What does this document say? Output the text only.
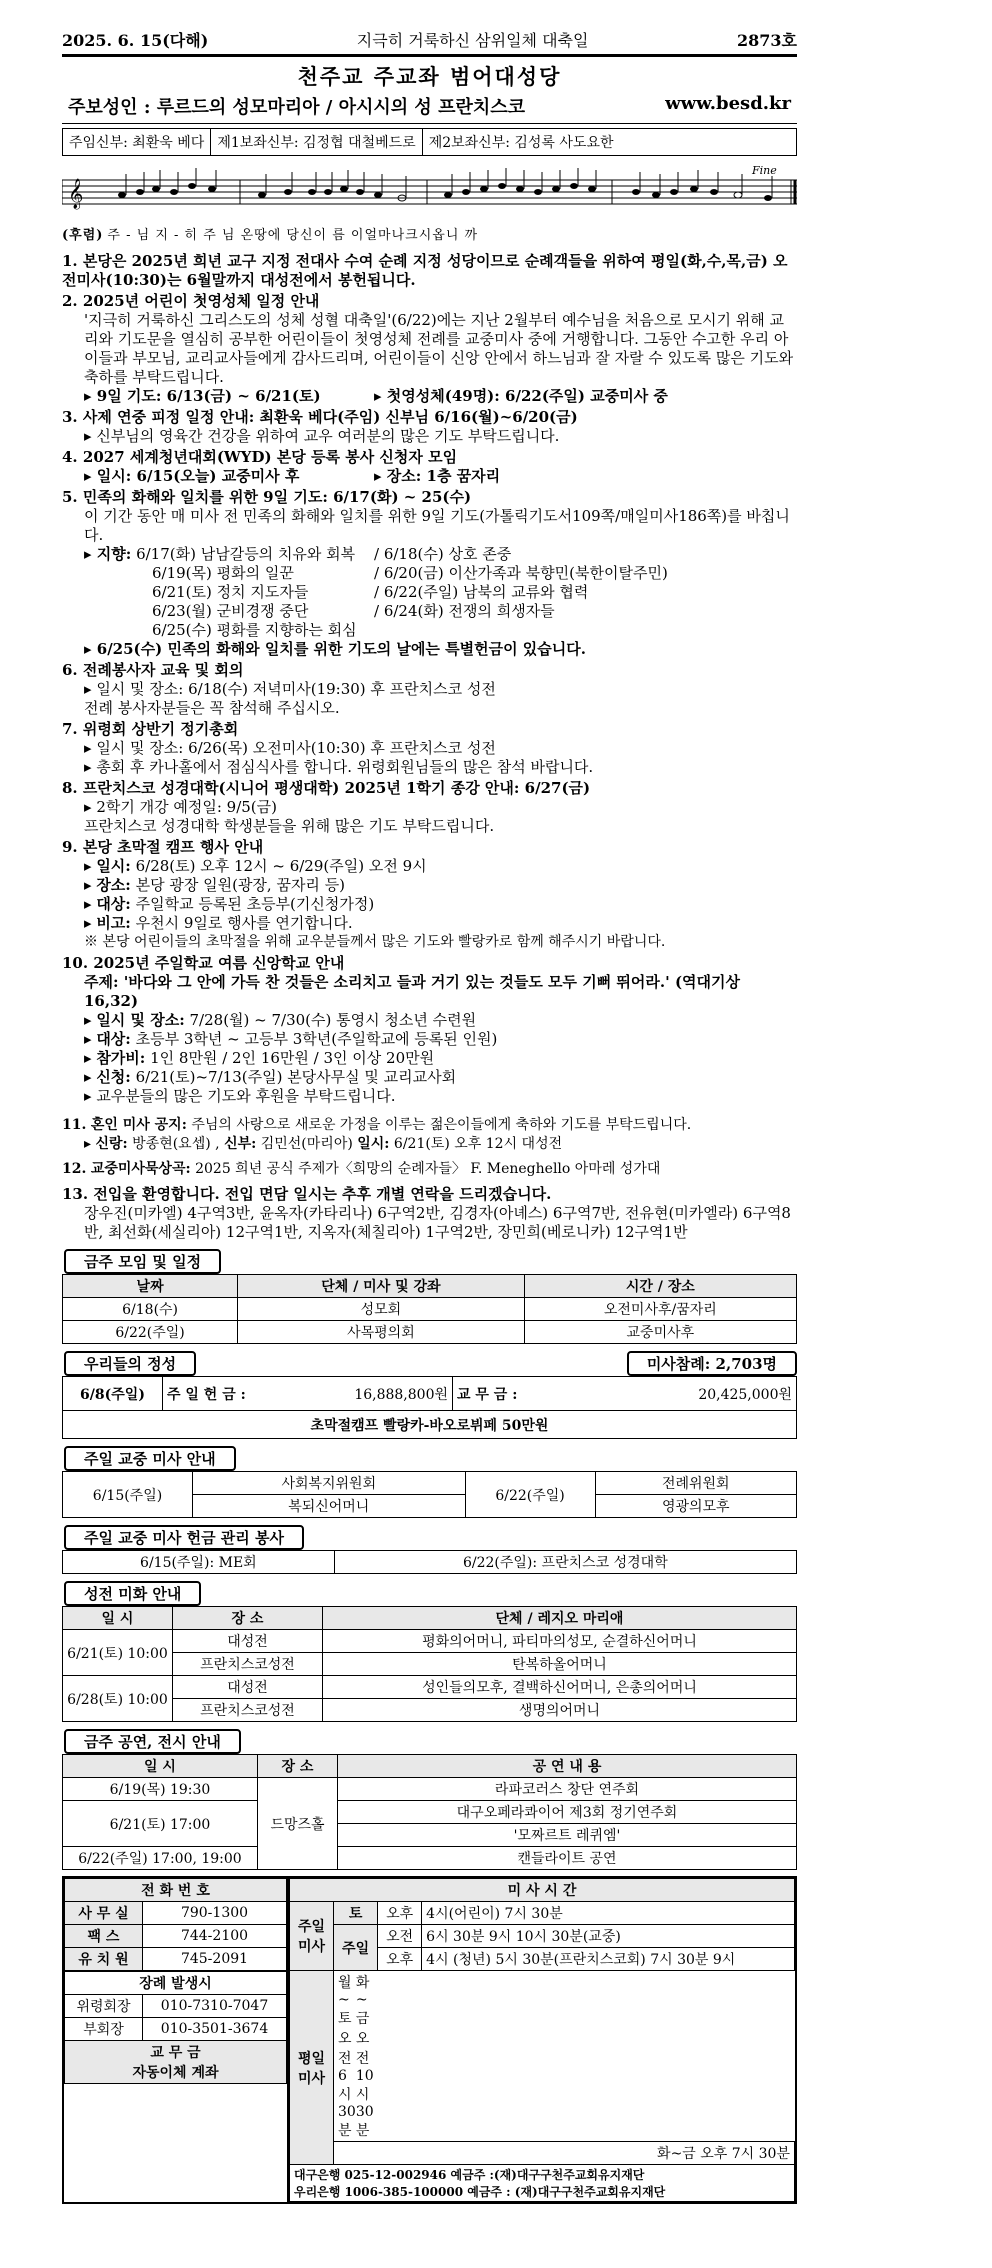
2025. 6. 15(다해)	지극히 거룩하신 삼위일체 대축일	2873호
천주교 주교좌 범어대성당
주보성인 : 루르드의 성모마리아 / 아시시의 성 프란치스코	www.besd.kr
주임신부: 최환욱 베다 제1보좌신부: 김정협 대철베드로 제2보좌신부: 김성록 사도요한
𝄞
Fine
(후렴) 주 - 님 지 - 히 주 님 온땅에 당신이 름 이얼마나크시옵니 까
1. 본당은 2025년 희년 교구 지정 전대사 수여 순례 지정 성당이므로 순례객들을 위하여 평일(화,수,목,금) 오전미사(10:30)는 6월말까지 대성전에서 봉헌됩니다.
2. 2025년 어린이 첫영성체 일정 안내
'지극히 거룩하신 그리스도의 성체 성혈 대축일'(6/22)에는 지난 2월부터 예수님을 처음으로 모시기 위해 교리와 기도문을 열심히 공부한 어린이들이 첫영성체 전례를 교중미사 중에 거행합니다. 그동안 수고한 우리 아이들과 부모님, 교리교사들에게 감사드리며, 어린이들이 신앙 안에서 하느님과 잘 자랄 수 있도록 많은 기도와 축하를 부탁드립니다.
▸ 9일 기도: 6/13(금) ~ 6/21(토)	▸ 첫영성체(49명): 6/22(주일) 교중미사 중
3. 사제 연중 피정 일정 안내: 최환욱 베다(주임) 신부님 6/16(월)~6/20(금)
▸ 신부님의 영육간 건강을 위하여 교우 여러분의 많은 기도 부탁드립니다.
4. 2027 세계청년대회(WYD) 본당 등록 봉사 신청자 모임
▸ 일시: 6/15(오늘) 교중미사 후	▸ 장소: 1층 꿈자리
5. 민족의 화해와 일치를 위한 9일 기도: 6/17(화) ~ 25(수)
이 기간 동안 매 미사 전 민족의 화해와 일치를 위한 9일 기도(가톨릭기도서109쪽/매일미사186쪽)를 바칩니다.
▸ 지향: 6/17(화) 남남갈등의 치유와 회복	/ 6/18(수) 상호 존중
6/19(목) 평화의 일꾼	/ 6/20(금) 이산가족과 북향민(북한이탈주민)
6/21(토) 정치 지도자들	/ 6/22(주일) 남북의 교류와 협력
6/23(월) 군비경쟁 중단	/ 6/24(화) 전쟁의 희생자들
6/25(수) 평화를 지향하는 회심
▸ 6/25(수) 민족의 화해와 일치를 위한 기도의 날에는 특별헌금이 있습니다.
6. 전례봉사자 교육 및 회의
▸ 일시 및 장소: 6/18(수) 저녁미사(19:30) 후 프란치스코 성전
전례 봉사자분들은 꼭 참석해 주십시오.
7. 위령회 상반기 정기총회
▸ 일시 및 장소: 6/26(목) 오전미사(10:30) 후 프란치스코 성전
▸ 총회 후 카나홀에서 점심식사를 합니다. 위령회원님들의 많은 참석 바랍니다.
8. 프란치스코 성경대학(시니어 평생대학) 2025년 1학기 종강 안내: 6/27(금)
▸ 2학기 개강 예정일: 9/5(금)
프란치스코 성경대학 학생분들을 위해 많은 기도 부탁드립니다.
9. 본당 초막절 캠프 행사 안내
▸ 일시: 6/28(토) 오후 12시 ~ 6/29(주일) 오전 9시
▸ 장소: 본당 광장 일원(광장, 꿈자리 등)
▸ 대상: 주일학교 등록된 초등부(기신청가정)
▸ 비고: 우천시 9일로 행사를 연기합니다.
※ 본당 어린이들의 초막절을 위해 교우분들께서 많은 기도와 빨랑카로 함께 해주시기 바랍니다.
10. 2025년 주일학교 여름 신앙학교 안내
주제: '바다와 그 안에 가득 찬 것들은 소리치고 들과 거기 있는 것들도 모두 기뻐 뛰어라.' (역대기상 16,32)
▸ 일시 및 장소: 7/28(월) ~ 7/30(수) 통영시 청소년 수련원
▸ 대상: 초등부 3학년 ~ 고등부 3학년(주일학교에 등록된 인원)
▸ 참가비: 1인 8만원 / 2인 16만원 / 3인 이상 20만원
▸ 신청: 6/21(토)~7/13(주일) 본당사무실 및 교리교사회
▸ 교우분들의 많은 기도와 후원을 부탁드립니다.
11. 혼인 미사 공지: 주님의 사랑으로 새로운 가정을 이루는 젊은이들에게 축하와 기도를 부탁드립니다.
▸ 신랑: 방종현(요셉) , 신부: 김민선(마리아) 일시: 6/21(토) 오후 12시 대성전
12. 교중미사묵상곡: 2025 희년 공식 주제가〈희망의 순례자들〉 F. Meneghello 아마레 성가대
13. 전입을 환영합니다. 전입 면담 일시는 추후 개별 연락을 드리겠습니다.
장우진(미카엘) 4구역3반, 윤옥자(카타리나) 6구역2반, 김경자(아녜스) 6구역7반, 전유현(미카엘라) 6구역8반, 최선화(세실리아) 12구역1반, 지옥자(체칠리아) 1구역2반, 장민희(베로니카) 12구역1반
금주 모임 및 일정
날짜	단체 / 미사 및 강좌	시간 / 장소
6/18(수)	성모회	오전미사후/꿈자리
6/22(주일)	사목평의회	교중미사후
우리들의 정성	미사참례: 2,703명
6/8(주일)	주 일 헌 금 :	16,888,800원	교 무 금 :	20,425,000원
초막절캠프 빨랑카-바오로뷔페 50만원
주일 교중 미사 안내
6/15(주일)	사회복지위원회	6/22(주일)	전례위원회
	복되신어머니		영광의모후
주일 교중 미사 헌금 관리 봉사
6/15(주일): ME회	6/22(주일): 프란치스코 성경대학
성전 미화 안내
일 시	장 소	단체 / 레지오 마리애
6/21(토) 10:00	대성전	평화의어머니, 파티마의성모, 순결하신어머니
	프란치스코성전	탄복하올어머니
6/28(토) 10:00	대성전	성인들의모후, 결백하신어머니, 은총의어머니
	프란치스코성전	생명의어머니
금주 공연, 전시 안내
일 시	장 소	공 연 내 용
6/19(목) 19:30	드망즈홀	라파코러스 창단 연주회
6/21(토) 17:00		대구오페라콰이어 제3회 정기연주회
		'모짜르트 레퀴엠'
6/22(주일) 17:00, 19:00		캔들라이트 공연
전 화 번 호	
사 무 실	790-1300
팩 스	744-2100
유 치 원	745-2091
장례 발생시	
위령회장	010-7310-7047
부회장	010-3501-3674

교 무 금
자동이체 계좌	
미 사 시 간			
주일
미사	토	오후	4시(어린이) 7시 30분
	주일	오전	6시 30분 9시 10시 30분(교중)
		오후	4시 (청년) 5시 30분(프란치스코회) 7시 30분 9시
평일
미사	
월~토 오전 6시 30분
화~금 오전 10시 30분

	화~금 오후 7시 30분		

대구은행 025-12-002946 예금주 :(재)대구구천주교회유지재단
우리은행 1006-385-100000 예금주 : (재)대구구천주교회유지재단			
